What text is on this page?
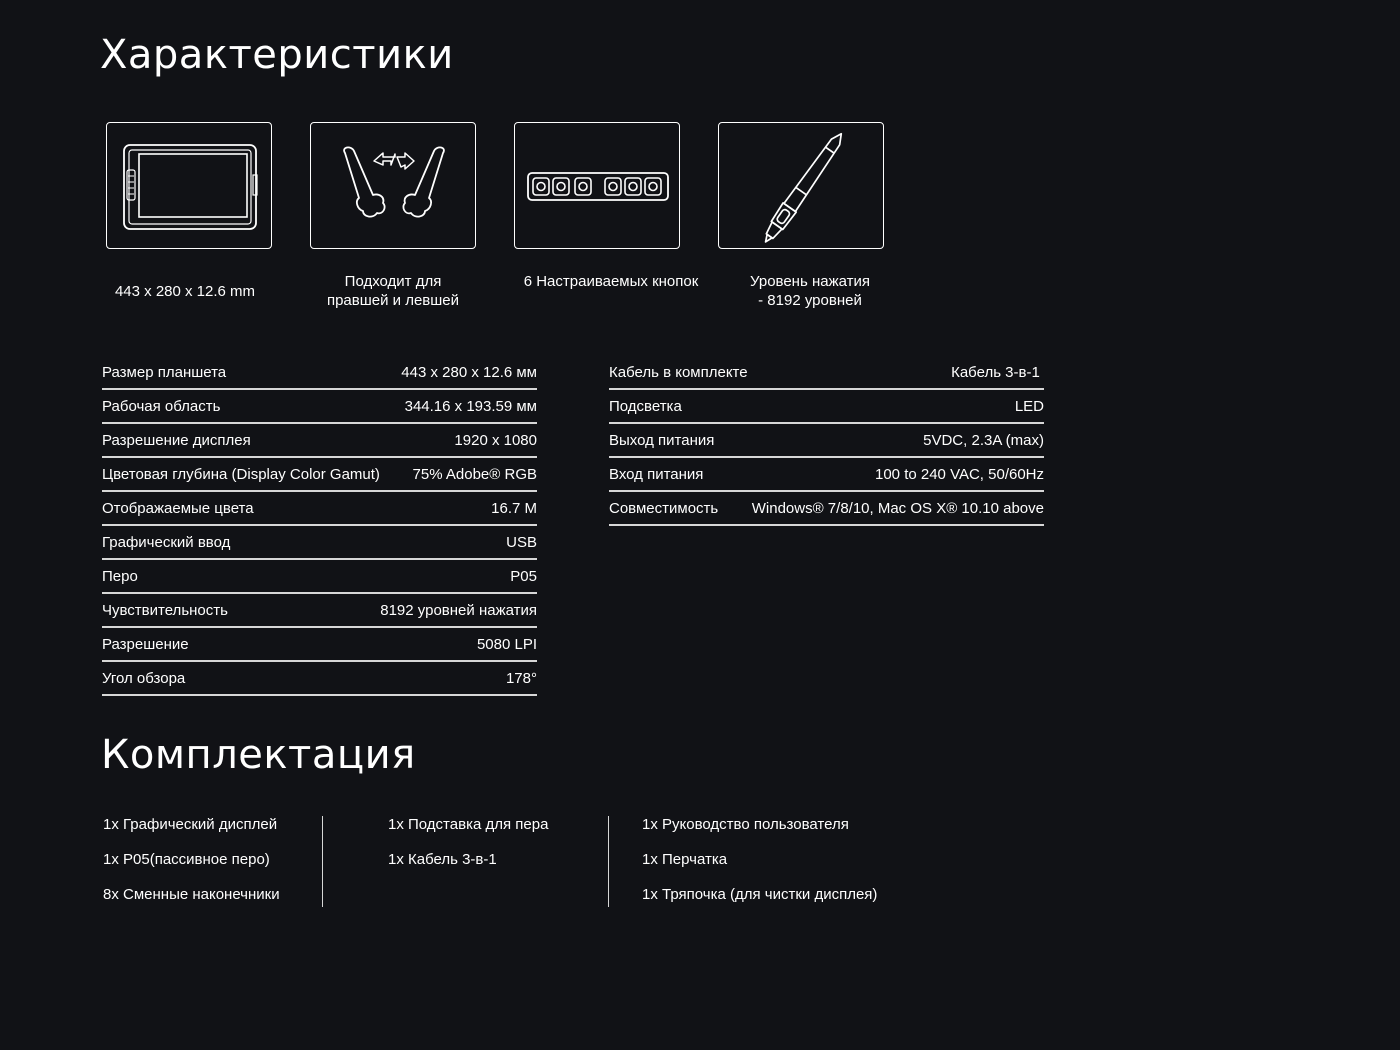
Характеристики
443 x 280 x 12.6 mm
Подходит для
правшей и левшей
6 Настраиваемых кнопок	Уровень нажатия
- 8192 уровней
Размер планшета	443 x 280 x 12.6 мм
Рабочая область	344.16 x 193.59 мм
Разрешение дисплея	1920 x 1080
Цветовая глубина (Display Color Gamut) 75% Adobe® RGB
Отображаемые цвета	16.7 M
Графический ввод	USB
Перо	P05
Чувствительность	8192 уровней нажатия
Разрешение	5080 LPI
Угол обзора	178°
Кабель в комплекте	Кабель 3-в-1
Подсветка	LED
Выход питания	5VDC, 2.3A (max)
Вход питания	100 to 240 VAC, 50/60Hz
Совместимость Windows® 7/8/10, Mac OS X® 10.10 above
Комплектация
1x Графический дисплей
1x P05(пассивное перо)
8x Сменные наконечники
1x Подставка для пера
1x Кабель 3-в-1
1x Руководство пользователя
1x Перчатка
1x Тряпочка (для чистки дисплея)
